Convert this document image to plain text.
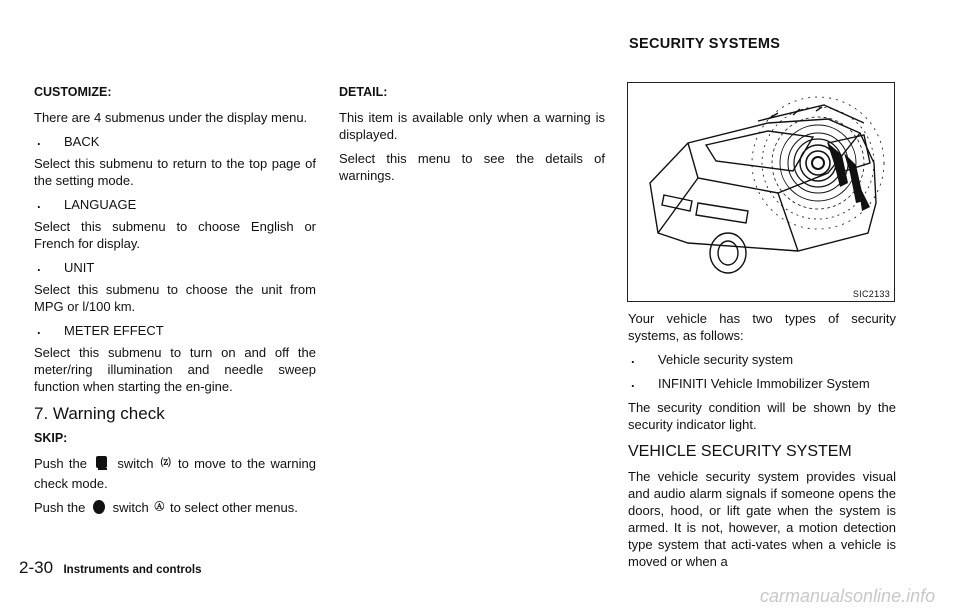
SECURITY SYSTEMS
CUSTOMIZE:

There are 4 submenus under the display menu.

. BACK

Select this submenu to return to the top page of the setting mode.

. LANGUAGE

Select this submenu to choose English or French for display.

. UNIT

Select this submenu to choose the unit from MPG or l/100 km.

. METER EFFECT

Select this submenu to turn on and off the meter/ring illumination and needle sweep function when starting the en-gine.

7. Warning check
SKIP:

Push the switch ⒵ to move to the warning check mode.

Push the switch Ⓐ to select other menus.

DETAIL:

This item is available only when a warning is displayed.

Select this menu to see the details of warnings.

SIC2133

Your vehicle has two types of security systems, as follows:

. Vehicle security system
. INFINITI Vehicle Immobilizer System

The security condition will be shown by the security indicator light.

VEHICLE SECURITY SYSTEM

The vehicle security system provides visual and audio alarm signals if someone opens the doors, hood, or lift gate when the system is armed. It is not, however, a motion detection type system that acti-vates when a vehicle is moved or when a

2-30 Instruments and controls
carmanualsonline.info
